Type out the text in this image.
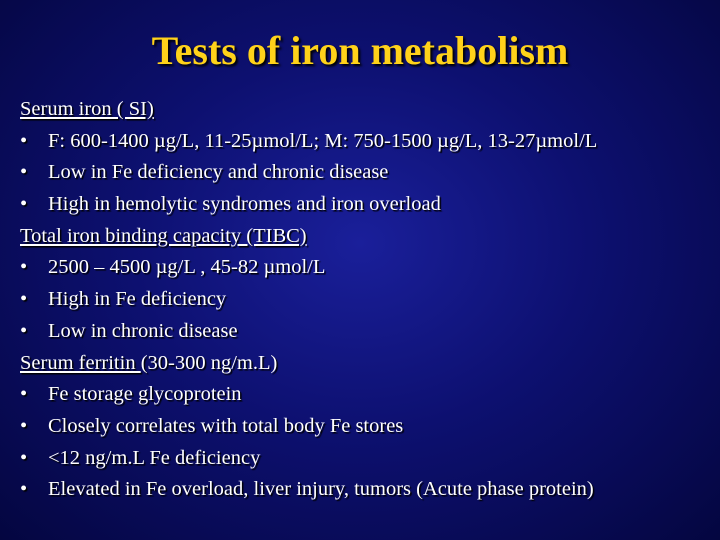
Tests of iron metabolism
Serum iron ( SI)
• F: 600-1400 µg/L, 11-25µmol/L; M: 750-1500 µg/L, 13-27µmol/L
• Low in Fe deficiency and chronic disease
• High in hemolytic syndromes and iron overload
Total iron binding capacity (TIBC)
• 2500 – 4500 µg/L , 45-82 µmol/L
• High in Fe deficiency
• Low in chronic disease
Serum ferritin (30-300 ng/m.L)
• Fe storage glycoprotein
• Closely correlates with total body Fe stores
• <12 ng/m.L Fe deficiency
• Elevated in Fe overload, liver injury, tumors (Acute phase protein)
